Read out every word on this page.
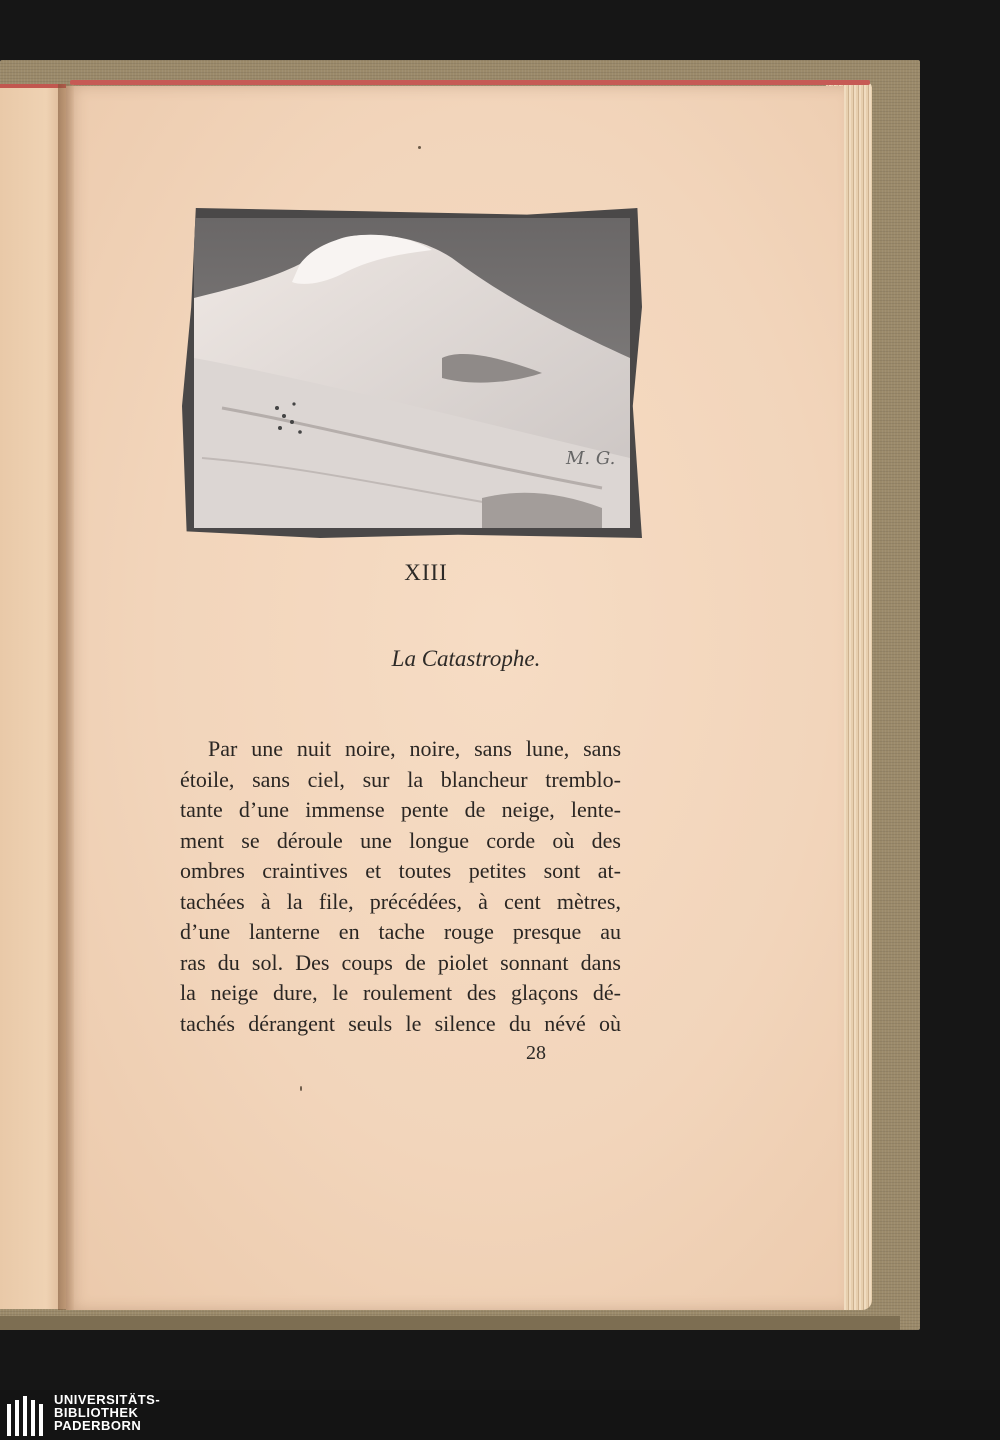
XIII
La Catastrophe.
Par une nuit noire, noire, sans lune, sans
étoile, sans ciel, sur la blancheur tremblo-
tante d’une immense pente de neige, lente-
ment se déroule une longue corde où des
ombres craintives et toutes petites sont at-
tachées à la file, précédées, à cent mètres,
d’une lanterne en tache rouge presque au
ras du sol. Des coups de piolet sonnant dans
la neige dure, le roulement des glaçons dé-
tachés dérangent seuls le silence du névé où
28
M. G.
UNIVERSITÄTS-
BIBLIOTHEK
PADERBORN
